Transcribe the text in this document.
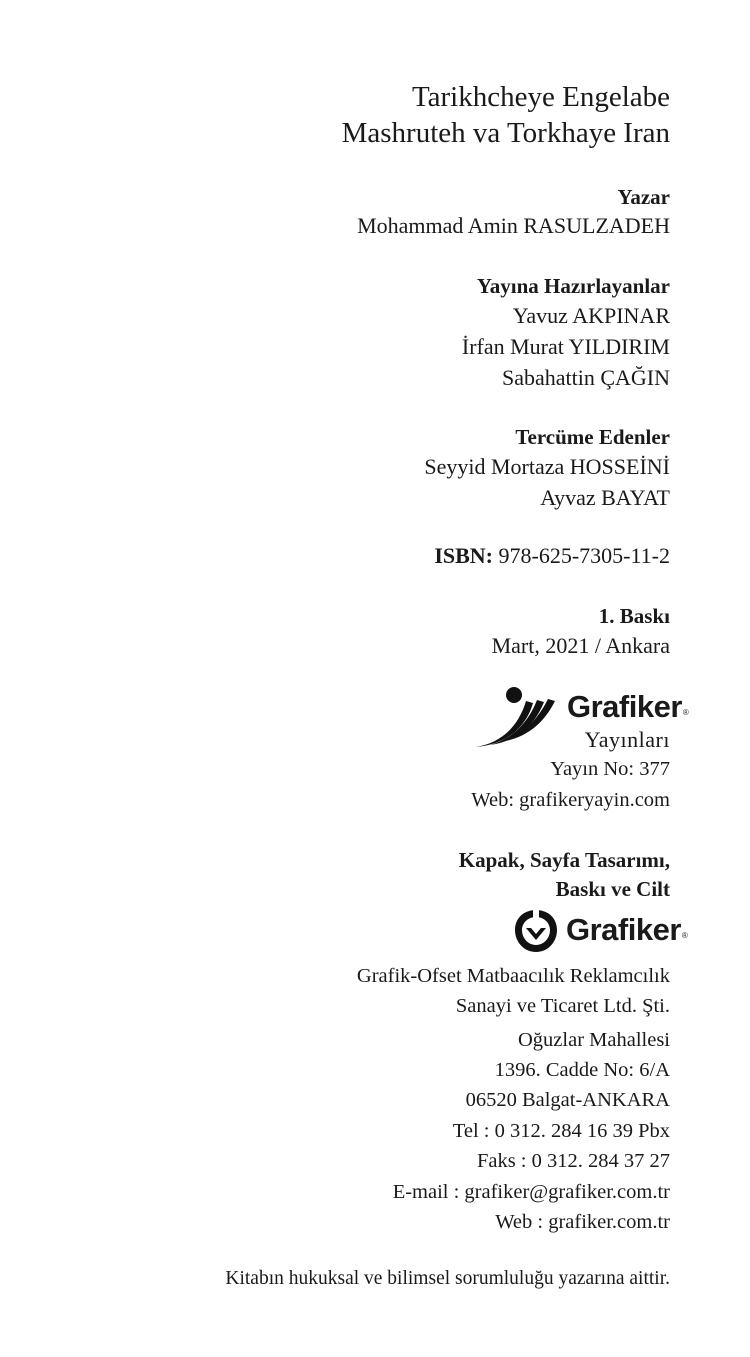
Tarikhcheye Engelabe
Mashruteh va Torkhaye Iran
Yazar
Mohammad Amin RASULZADEH
Yayına Hazırlayanlar
Yavuz AKPINAR
İrfan Murat YILDIRIM
Sabahattin ÇAĞIN
Tercüme Edenler
Seyyid Mortaza HOSSEİNİ
Ayvaz BAYAT
ISBN: 978-625-7305-11-2
1. Baskı
Mart, 2021 / Ankara
Grafiker®
Yayınları
Yayın No: 377
Web: grafikeryayin.com
Kapak, Sayfa Tasarımı,
Baskı ve Cilt
Grafiker®
Grafik-Ofset Matbaacılık Reklamcılık
Sanayi ve Ticaret Ltd. Şti.
Oğuzlar Mahallesi
1396. Cadde No: 6/A
06520 Balgat-ANKARA
Tel : 0 312. 284 16 39 Pbx
Faks : 0 312. 284 37 27
E-mail : grafiker@grafiker.com.tr
Web : grafiker.com.tr
Kitabın hukuksal ve bilimsel sorumluluğu yazarına aittir.
